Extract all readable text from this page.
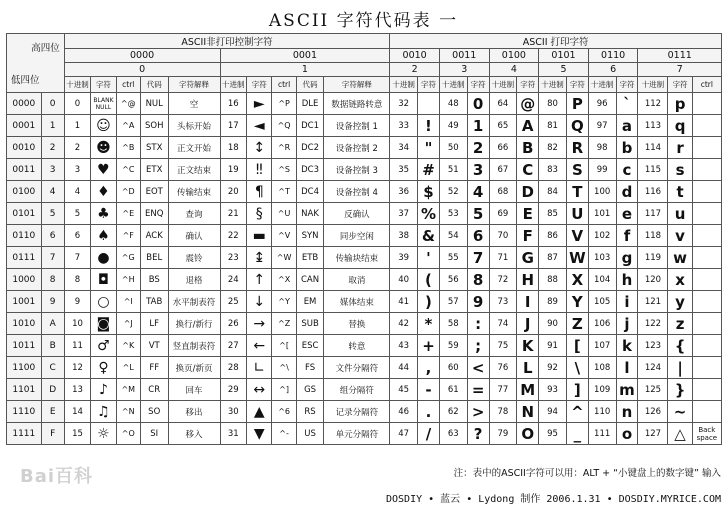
ASCII 字符代码表 一
高四位
低四位		ASCII非打印控制字符										ASCII 打印字符												
		0000					0001					0010		0011		0100		0101		0110		0111		
		0					1					2		3		4		5		6		7		
		十进制	字符	ctrl	代码	字符解释	十进制	字符	ctrl	代码	字符解释	十进制	字符	十进制	字符	十进制	字符	十进制	字符	十进制	字符	十进制	字符	ctrl
0000	0	0	BLANK NULL	^@	NUL	空	16	►	^P	DLE	数据链路转意	32		48	0	64	@	80	P	96	`	112	p	
0001	1	1	☺	^A	SOH	头标开始	17	◄	^Q	DC1	设备控制 1	33	!	49	1	65	A	81	Q	97	a	113	q	
0010	2	2	☻	^B	STX	正文开始	18	↕	^R	DC2	设备控制 2	34	"	50	2	66	B	82	R	98	b	114	r	
0011	3	3	♥	^C	ETX	正文结束	19	‼	^S	DC3	设备控制 3	35	#	51	3	67	C	83	S	99	c	115	s	
0100	4	4	♦	^D	EOT	传输结束	20	¶	^T	DC4	设备控制 4	36	$	52	4	68	D	84	T	100	d	116	t	
0101	5	5	♣	^E	ENQ	查询	21	§	^U	NAK	反确认	37	%	53	5	69	E	85	U	101	e	117	u	
0110	6	6	♠	^F	ACK	确认	22	▬	^V	SYN	同步空闲	38	&	54	6	70	F	86	V	102	f	118	v	
0111	7	7	●	^G	BEL	震铃	23	↨	^W	ETB	传输块结束	39	'	55	7	71	G	87	W	103	g	119	w	
1000	8	8	◘	^H	BS	退格	24	↑	^X	CAN	取消	40	(	56	8	72	H	88	X	104	h	120	x	
1001	9	9	○	^I	TAB	水平制表符	25	↓	^Y	EM	媒体结束	41	)	57	9	73	I	89	Y	105	i	121	y	
1010	A	10	◙	^J	LF	换行/新行	26	→	^Z	SUB	替换	42	*	58	:	74	J	90	Z	106	j	122	z	
1011	B	11	♂	^K	VT	竖直制表符	27	←	^[	ESC	转意	43	+	59	;	75	K	91	[	107	k	123	{	
1100	C	12	♀	^L	FF	换页/新页	28	∟	^\	FS	文件分隔符	44	,	60	<	76	L	92	\	108	l	124	|	
1101	D	13	♪	^M	CR	回车	29	↔	^]	GS	组分隔符	45	-	61	=	77	M	93	]	109	m	125	}	
1110	E	14	♫	^N	SO	移出	30	▲	^6	RS	记录分隔符	46	.	62	>	78	N	94	^	110	n	126	~	
1111	F	15	☼	^O	SI	移入	31	▼	^-	US	单元分隔符	47	/	63	?	79	O	95	_	111	o	127	△	Back space
注：表中的ASCII字符可以用：ALT + “小键盘上的数字键” 输入
DOSDIY • 蓝云 • Lydong 制作 2006.1.31 • DOSDIY.MYRICE.COM
Bai百科
